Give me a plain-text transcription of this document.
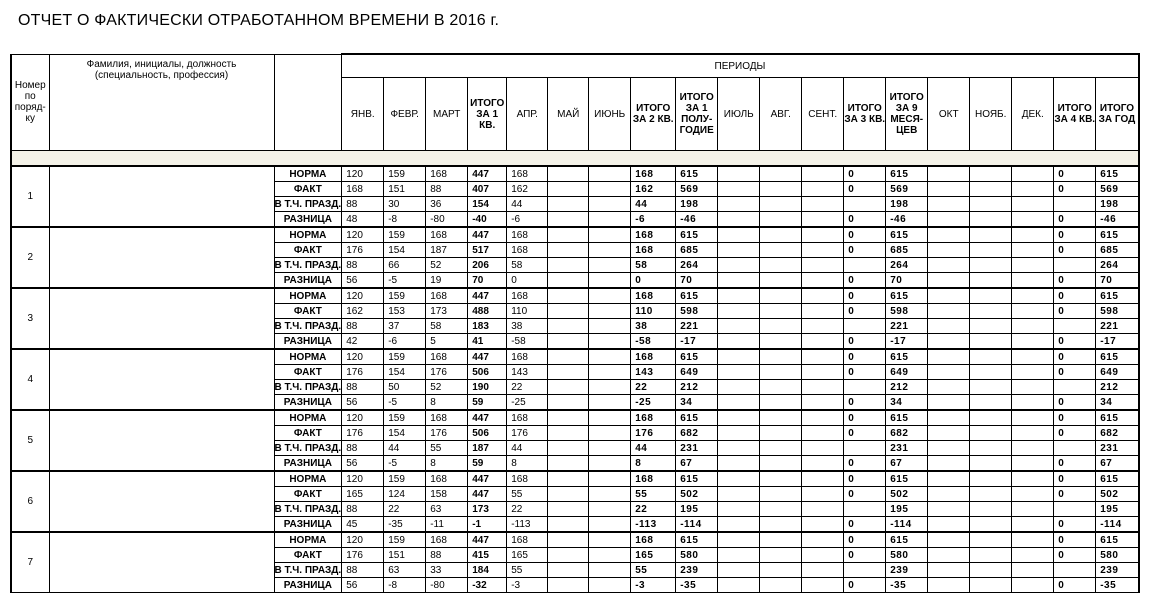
ОТЧЕТ О ФАКТИЧЕСКИ ОТРАБОТАННОМ ВРЕМЕНИ В 2016 г.
Номер по поряд-ку	Фамилия, инициалы, должность (специальность, профессия)		ПЕРИОДЫ																		
			ЯНВ.	ФЕВР.	МАРТ	ИТОГО ЗА 1 КВ.	АПР.	МАЙ	ИЮНЬ	ИТОГО ЗА 2 КВ.	ИТОГО ЗА 1 ПОЛУ-ГОДИЕ	ИЮЛЬ	АВГ.	СЕНТ.	ИТОГО ЗА 3 КВ.	ИТОГО ЗА 9 МЕСЯ-ЦЕВ	ОКТ	НОЯБ.	ДЕК.	ИТОГО ЗА 4 КВ.	ИТОГО ЗА ГОД

1		НОРМА	120	159	168	447	168			168	615				0	615				0	615
		ФАКТ	168	151	88	407	162			162	569				0	569				0	569
		В Т.Ч. ПРАЗД.	88	30	36	154	44			44	198					198					198
		РАЗНИЦА	48	-8	-80	-40	-6			-6	-46				0	-46				0	-46
2		НОРМА	120	159	168	447	168			168	615				0	615				0	615
		ФАКТ	176	154	187	517	168			168	685				0	685				0	685
		В Т.Ч. ПРАЗД.	88	66	52	206	58			58	264					264					264
		РАЗНИЦА	56	-5	19	70	0			0	70				0	70				0	70
3		НОРМА	120	159	168	447	168			168	615				0	615				0	615
		ФАКТ	162	153	173	488	110			110	598				0	598				0	598
		В Т.Ч. ПРАЗД.	88	37	58	183	38			38	221					221					221
		РАЗНИЦА	42	-6	5	41	-58			-58	-17				0	-17				0	-17
4		НОРМА	120	159	168	447	168			168	615				0	615				0	615
		ФАКТ	176	154	176	506	143			143	649				0	649				0	649
		В Т.Ч. ПРАЗД.	88	50	52	190	22			22	212					212					212
		РАЗНИЦА	56	-5	8	59	-25			-25	34				0	34				0	34
5		НОРМА	120	159	168	447	168			168	615				0	615				0	615
		ФАКТ	176	154	176	506	176			176	682				0	682				0	682
		В Т.Ч. ПРАЗД.	88	44	55	187	44			44	231					231					231
		РАЗНИЦА	56	-5	8	59	8			8	67				0	67				0	67
6		НОРМА	120	159	168	447	168			168	615				0	615				0	615
		ФАКТ	165	124	158	447	55			55	502				0	502				0	502
		В Т.Ч. ПРАЗД.	88	22	63	173	22			22	195					195					195
		РАЗНИЦА	45	-35	-11	-1	-113			-113	-114				0	-114				0	-114
7		НОРМА	120	159	168	447	168			168	615				0	615				0	615
		ФАКТ	176	151	88	415	165			165	580				0	580				0	580
		В Т.Ч. ПРАЗД.	88	63	33	184	55			55	239					239					239
		РАЗНИЦА	56	-8	-80	-32	-3			-3	-35				0	-35				0	-35
